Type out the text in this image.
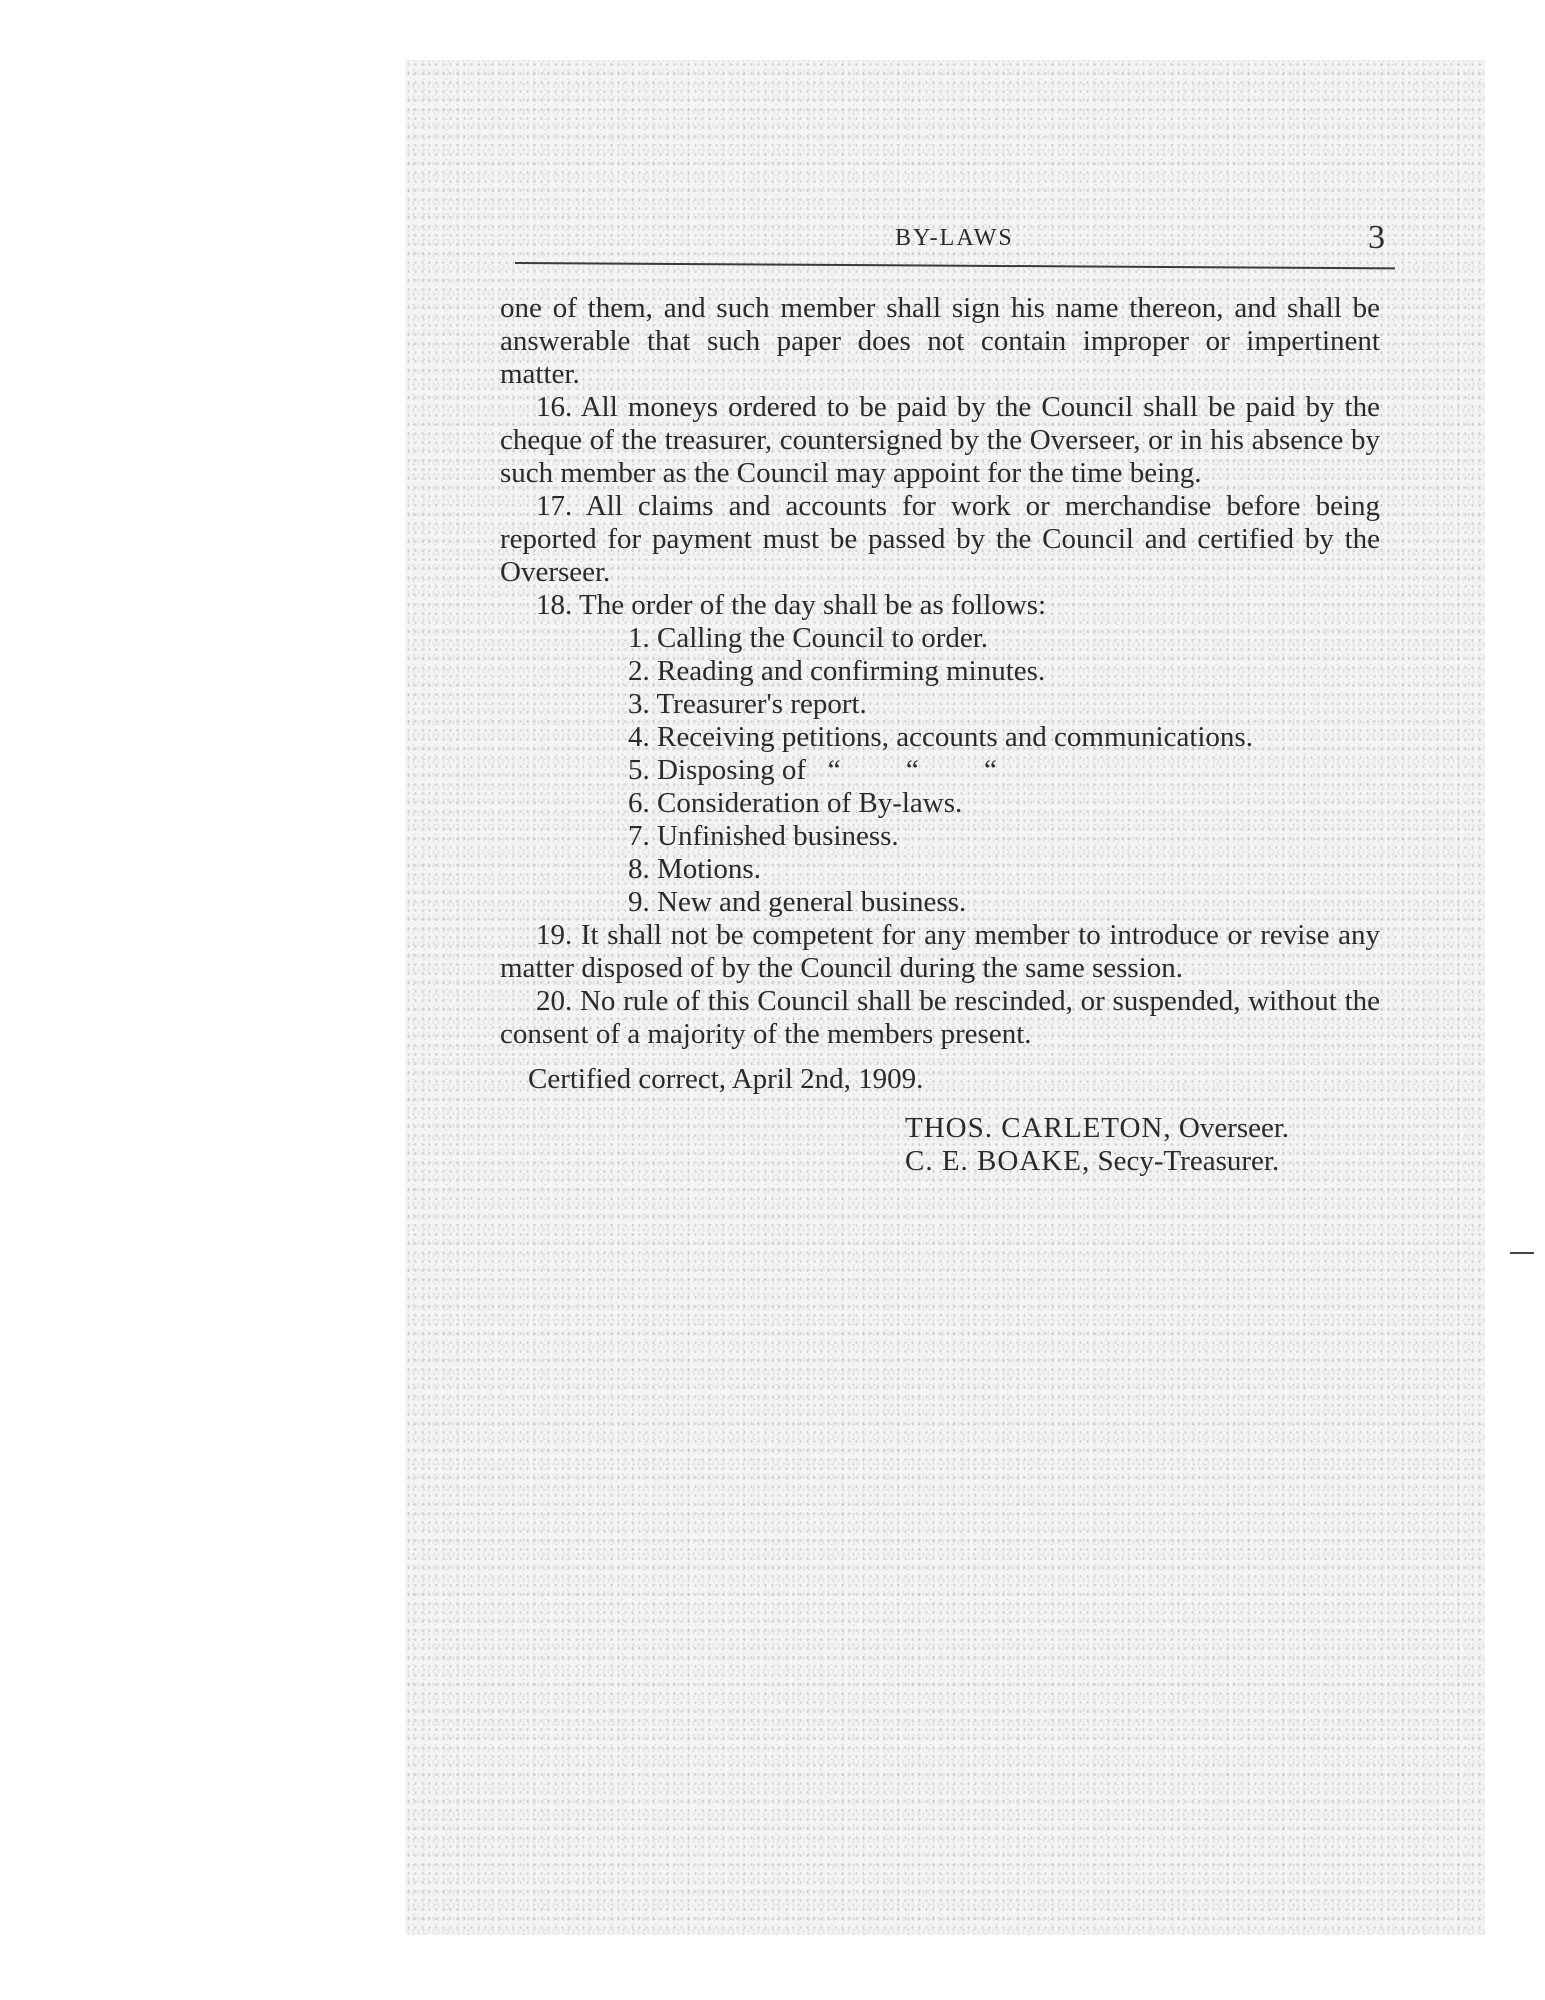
BY-LAWS	3

one of them, and such member shall sign his name thereon, and shall be answerable that such paper does not contain improper or impertinent matter.

16. All moneys ordered to be paid by the Council shall be paid by the cheque of the treasurer, countersigned by the Overseer, or in his absence by such member as the Council may appoint for the time being.

17. All claims and accounts for work or merchandise before being reported for payment must be passed by the Council and certified by the Overseer.

18. The order of the day shall be as follows:

1. Calling the Council to order.
2. Reading and confirming minutes.
3. Treasurer's report.
4. Receiving petitions, accounts and communications.
5. Disposing of   “         “         “
6. Consideration of By-laws.
7. Unfinished business.
8. Motions.
9. New and general business.

19. It shall not be competent for any member to introduce or revise any matter disposed of by the Council during the same session.

20. No rule of this Council shall be rescinded, or suspended, without the consent of a majority of the members present.

Certified correct, April 2nd, 1909.

THOS. CARLETON, Overseer.
C. E. BOAKE, Secy-Treasurer.
